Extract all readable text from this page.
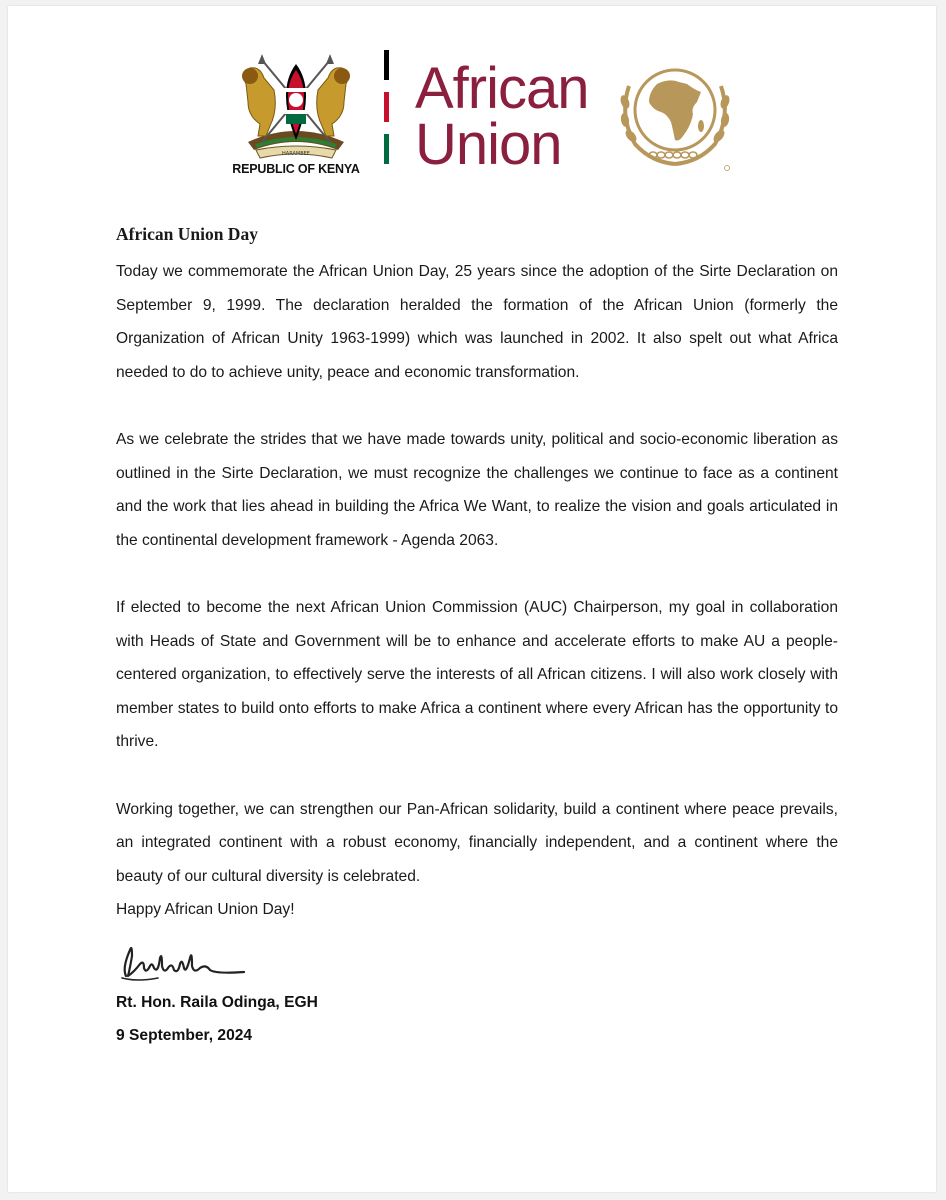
HARAMBEE
REPUBLIC OF KENYA
African
Union
African Union Day

Today we commemorate the African Union Day, 25 years since the adoption of the Sirte Declaration on September 9, 1999. The declaration heralded the formation of the African Union (formerly the Organization of African Unity 1963-1999) which was launched in 2002. It also spelt out what Africa needed to do to achieve unity, peace and economic transformation.

As we celebrate the strides that we have made towards unity, political and socio-economic liberation as outlined in the Sirte Declaration, we must recognize the challenges we continue to face as a continent and the work that lies ahead in building the Africa We Want, to realize the vision and goals articulated in the continental development framework - Agenda 2063.

If elected to become the next African Union Commission (AUC) Chairperson, my goal in collaboration with Heads of State and Government will be to enhance and accelerate efforts to make AU a people-centered organization, to effectively serve the interests of all African citizens. I will also work closely with member states to build onto efforts to make Africa a continent where every African has the opportunity to thrive.

Working together, we can strengthen our Pan-African solidarity, build a continent where peace prevails, an integrated continent with a robust economy, financially independent, and a continent where the beauty of our cultural diversity is celebrated.

Happy African Union Day!

Rt. Hon. Raila Odinga, EGH
9 September, 2024
